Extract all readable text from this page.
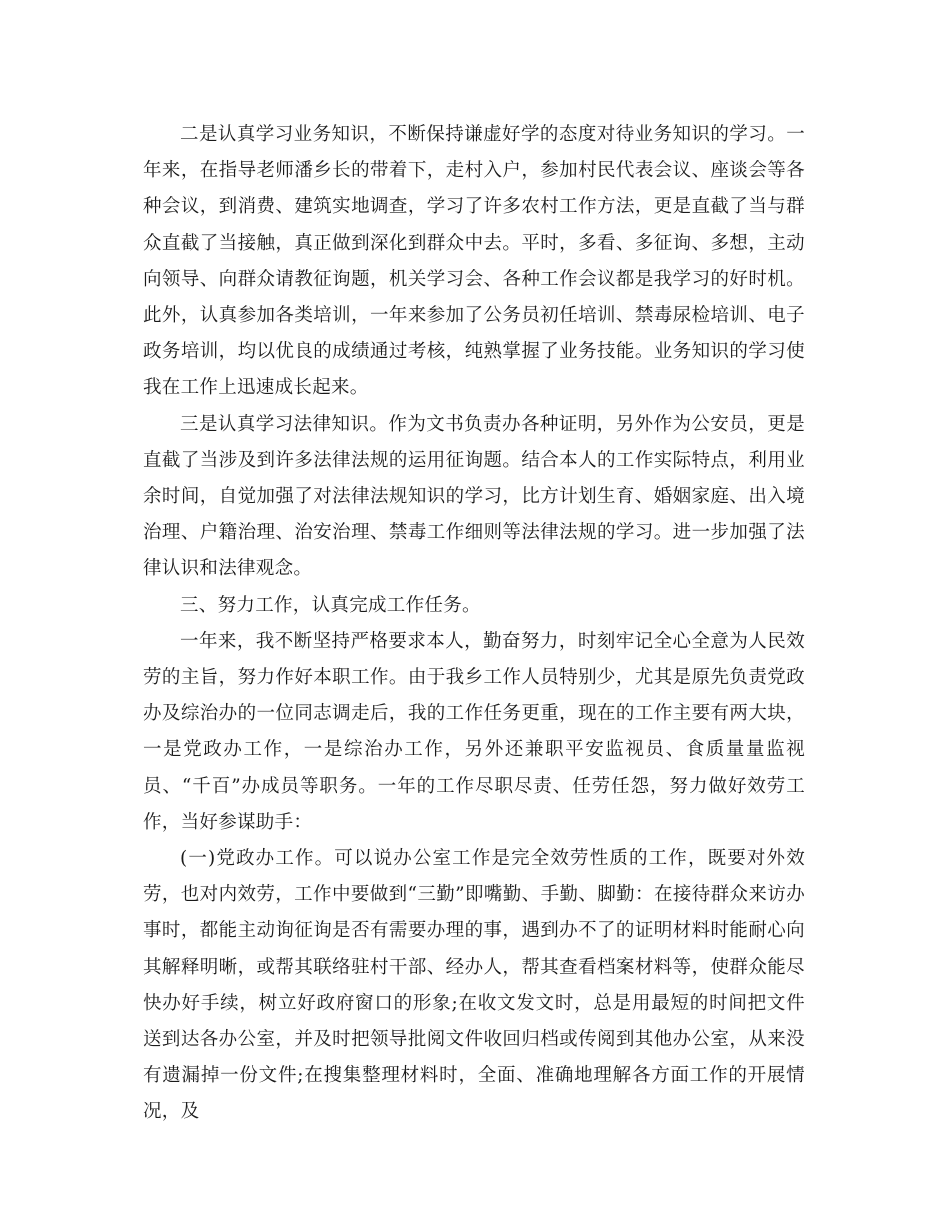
二是认真学习业务知识，不断保持谦虚好学的态度对待业务知识的学习。一年来，在指导老师潘乡长的带着下，走村入户，参加村民代表会议、座谈会等各种会议，到消费、建筑实地调查，学习了许多农村工作方法，更是直截了当与群众直截了当接触，真正做到深化到群众中去。平时，多看、多征询、多想，主动向领导、向群众请教征询题，机关学习会、各种工作会议都是我学习的好时机。此外，认真参加各类培训，一年来参加了公务员初任培训、禁毒尿检培训、电子政务培训，均以优良的成绩通过考核，纯熟掌握了业务技能。业务知识的学习使我在工作上迅速成长起来。

三是认真学习法律知识。作为文书负责办各种证明，另外作为公安员，更是直截了当涉及到许多法律法规的运用征询题。结合本人的工作实际特点，利用业余时间，自觉加强了对法律法规知识的学习，比方计划生育、婚姻家庭、出入境治理、户籍治理、治安治理、禁毒工作细则等法律法规的学习。进一步加强了法律认识和法律观念。

三、努力工作，认真完成工作任务。

一年来，我不断坚持严格要求本人，勤奋努力，时刻牢记全心全意为人民效劳的主旨，努力作好本职工作。由于我乡工作人员特别少，尤其是原先负责党政办及综治办的一位同志调走后，我的工作任务更重，现在的工作主要有两大块，一是党政办工作，一是综治办工作，另外还兼职平安监视员、食质量量监视员、“千百”办成员等职务。一年的工作尽职尽责、任劳任怨，努力做好效劳工作，当好参谋助手：

(一)党政办工作。可以说办公室工作是完全效劳性质的工作，既要对外效劳，也对内效劳，工作中要做到“三勤”即嘴勤、手勤、脚勤：在接待群众来访办事时，都能主动询征询是否有需要办理的事，遇到办不了的证明材料时能耐心向其解释明晰，或帮其联络驻村干部、经办人，帮其查看档案材料等，使群众能尽快办好手续，树立好政府窗口的形象;在收文发文时，总是用最短的时间把文件送到达各办公室，并及时把领导批阅文件收回归档或传阅到其他办公室，从来没有遗漏掉一份文件;在搜集整理材料时，全面、准确地理解各方面工作的开展情况，及
